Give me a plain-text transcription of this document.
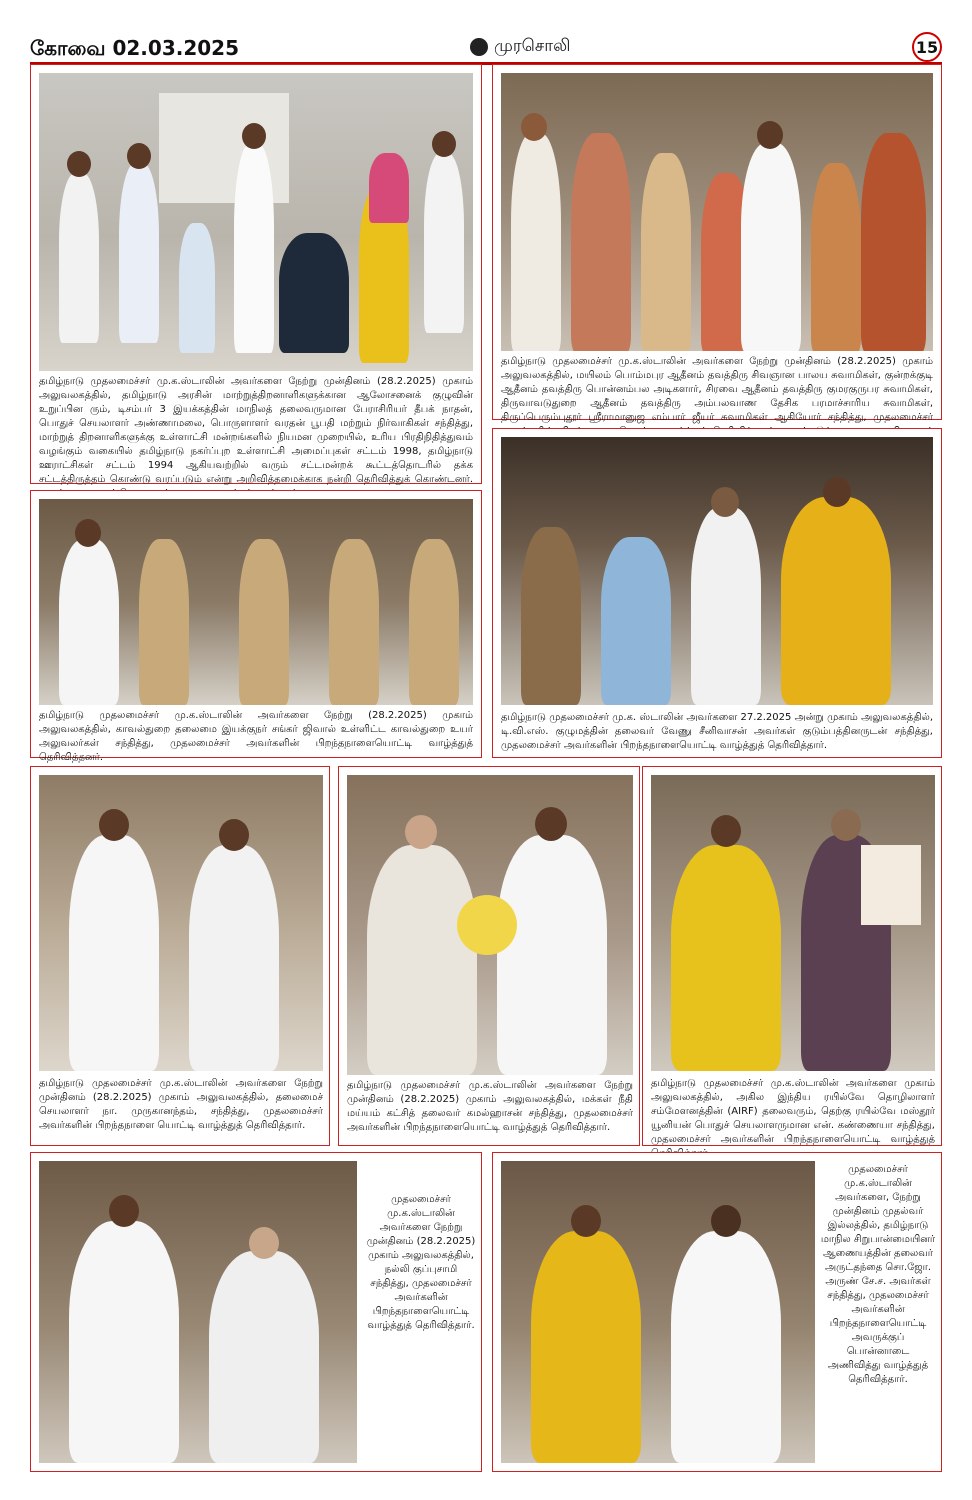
கோவை 02.03.2025	முரசொலி	15
தமிழ்நாடு முதலமைச்சர் மு.க.ஸ்டாலின் அவர்களை நேற்று முன்தினம் (28.2.2025) முகாம் அலுவலகத்தில், தமிழ்நாடு அரசின் மாற்றுத்திறனாளிகளுக்கான ஆலோசனைக் குழுவின் உறுப்பின ரும், டிசம்பர் 3 இயக்கத்தின் மாநிலத் தலைவருமான பேராசிரியர் தீபக் நாதன், பொதுச் செயலாளர் அண்ணாமலை, பொருளாளர் வரதன் பூபதி மற்றும் நிர்வாகிகள் சந்தித்து, மாற்றுத் திறனாளிகளுக்கு உள்ளாட்சி மன்றங்களில் நியமன முறையில், உரிய பிரதிநிதித்துவம் வழங்கும் வகையில் தமிழ்நாடு நகர்ப்புற உள்ளாட்சி அமைப்புகள் சட்டம் 1998, தமிழ்நாடு ஊராட்சிகள் சட்டம் 1994 ஆகியவற்றில் வரும் சட்டமன்றக் கூட்டத்தொடரில் தக்க சட்டத்திருத்தம் கொண்டு வரப்படும் என்று அறிவித்தமைக்காக நன்றி தெரிவித்துக் கொண்டனர்.
தமிழ்நாடு முதலமைச்சர் மு.க.ஸ்டாலின் அவர்களை நேற்று முன்தினம் (28.2.2025) முகாம் அலுவலகத்தில், மயிலம் பொம்மபுர ஆதீனம் தவத்திரு சிவஞான பாலய சுவாமிகள், குன்றக்குடி ஆதீனம் தவத்திரு பொன்னம்பல அடிகளார், சிரவை ஆதீனம் தவத்திரு குமரகுருபர சுவாமிகள், திருவாவடுதுறை ஆதீனம் தவத்திரு அம்பலவாண தேசிக பரமாச்சாரிய சுவாமிகள், திருப்பெரும்புதூர் ஸ்ரீராமானுஜ எம்பார் ஜீயர் சுவாமிகள் ஆகியோர் சந்தித்து, முதலமைச்சர்
தமிழ்நாடு முதலமைச்சர் மு.க.ஸ்டாலின் அவர்களை நேற்று (28.2.2025) முகாம் அலுவலகத்தில், காவல்துறை தலைமை இயக்குநர் சங்கர் ஜிவால் உள்ளிட்ட காவல்துறை உயர் அலுவலர்கள் சந்தித்து, முதலமைச்சர் அவர்களின் பிறந்தநாளையொட்டி வாழ்த்துத் தெரிவித்தனர்.
தமிழ்நாடு முதலமைச்சர் மு.க. ஸ்டாலின் அவர்களை 27.2.2025 அன்று முகாம் அலுவலகத்தில், டி.வி.எஸ். குழுமத்தின் தலைவர் வேணு சீனிவாசன் அவர்கள் குடும்பத்தினருடன் சந்தித்து, முதலமைச்சர் அவர்களின் பிறந்தநாளையொட்டி வாழ்த்துத் தெரிவித்தார்.
தமிழ்நாடு முதலமைச்சர் மு.க.ஸ்டாலின் அவர்களை நேற்று முன்தினம் (28.2.2025) முகாம் அலுவலகத்தில், தலைமைச் செயலாளர் நா. முருகானந்தம், சந்தித்து, முதலமைச்சர் அவர்களின் பிறந்தநாளை யொட்டி வாழ்த்துத் தெரிவித்தார்.
தமிழ்நாடு முதலமைச்சர் மு.க.ஸ்டாலின் அவர்களை நேற்று முன்தினம் (28.2.2025) முகாம் அலுவலகத்தில், மக்கள் நீதி மய்யம் கட்சித் தலைவர் கமல்ஹாசன் சந்தித்து, முதலமைச்சர் அவர்களின் பிறந்தநாளையொட்டி வாழ்த்துத் தெரிவித்தார்.
தமிழ்நாடு முதலமைச்சர் மு.க.ஸ்டாலின் அவர்களை முகாம் அலுவலகத்தில், அகில இந்திய ரயில்வே தொழிலாளர் சம்மேளனத்தின் (AIRF) தலைவரும், தெற்கு ரயில்வே மஸ்தூர் யூனியன் பொதுச் செயலாளருமான என். கண்ணையா சந்தித்து, முதலமைச்சர் அவர்களின் பிறந்தநாளையொட்டி வாழ்த்துத்
முதலமைச்சர் மு.க.ஸ்டாலின் அவர்களை நேற்று முன்தினம் (28.2.2025) முகாம் அலுவலகத்தில், நல்லி குப்புசாமி சந்தித்து, முதலமைச்சர் அவர்களின் பிறந்தநாளையொட்டி வாழ்த்துத் தெரிவித்தார்.
முதலமைச்சர் மு.க.ஸ்டாலின் அவர்களை, நேற்று முன்தினம் முதல்வர் இல்லத்தில், தமிழ்நாடு மாநில சிறுபான்மையினர் ஆணையத்தின் தலைவர் அருட்தந்தை சொ.ஜோ. அருண் சே.ச. அவர்கள் சந்தித்து, முதலமைச்சர் அவர்களின் பிறந்தநாளையொட்டி அவருக்குப் பொன்னாடை அணிவித்து வாழ்த்துத் தெரிவித்தார்.
